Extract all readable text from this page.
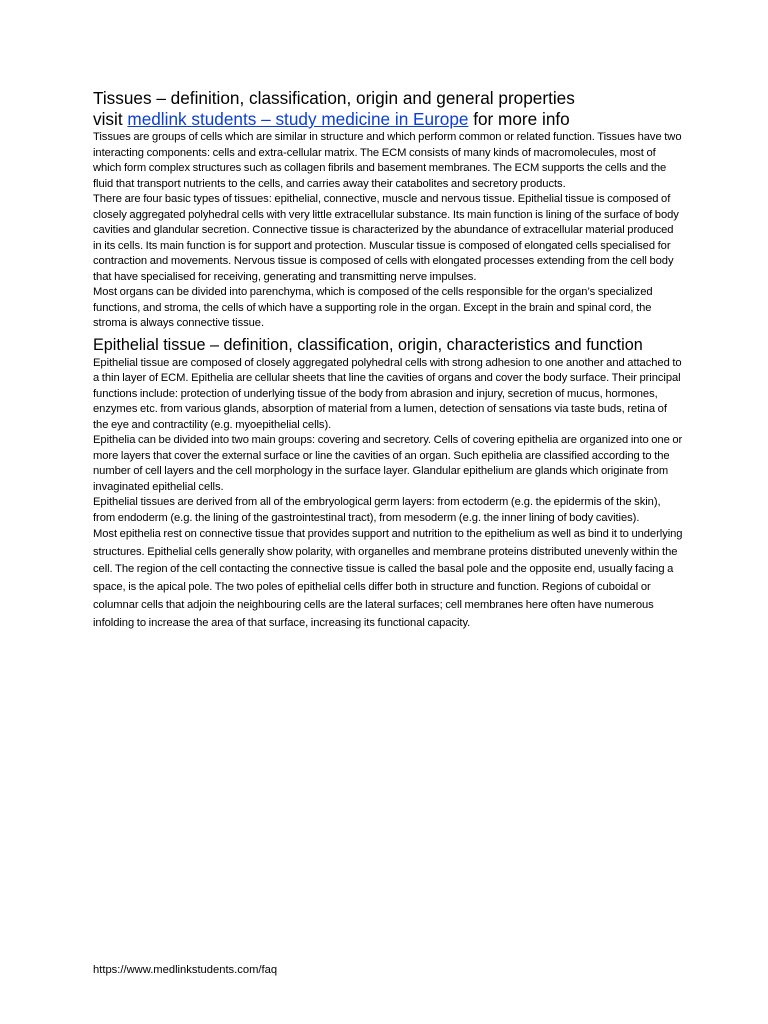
Tissues – definition, classification, origin and general properties

visit medlink students – study medicine in Europe for more info

Tissues are groups of cells which are similar in structure and which perform common or related function. Tissues have two interacting components: cells and extra-cellular matrix. The ECM consists of many kinds of macromolecules, most of which form complex structures such as collagen fibrils and basement membranes. The ECM supports the cells and the fluid that transport nutrients to the cells, and carries away their catabolites and secretory products.

There are four basic types of tissues: epithelial, connective, muscle and nervous tissue. Epithelial tissue is composed of closely aggregated polyhedral cells with very little extracellular substance. Its main function is lining of the surface of body cavities and glandular secretion. Connective tissue is characterized by the abundance of extracellular material produced in its cells. Its main function is for support and protection. Muscular tissue is composed of elongated cells specialised for contraction and movements. Nervous tissue is composed of cells with elongated processes extending from the cell body that have specialised for receiving, generating and transmitting nerve impulses.

Most organs can be divided into parenchyma, which is composed of the cells responsible for the organ’s specialized functions, and stroma, the cells of which have a supporting role in the organ. Except in the brain and spinal cord, the stroma is always connective tissue.

Epithelial tissue – definition, classification, origin, characteristics and function

Epithelial tissue are composed of closely aggregated polyhedral cells with strong adhesion to one another and attached to a thin layer of ECM. Epithelia are cellular sheets that line the cavities of organs and cover the body surface. Their principal functions include: protection of underlying tissue of the body from abrasion and injury, secretion of mucus, hormones, enzymes etc. from various glands, absorption of material from a lumen, detection of sensations via taste buds, retina of the eye and contractility (e.g. myoepithelial cells).

Epithelia can be divided into two main groups: covering and secretory. Cells of covering epithelia are organized into one or more layers that cover the external surface or line the cavities of an organ. Such epithelia are classified according to the number of cell layers and the cell morphology in the surface layer. Glandular epithelium are glands which originate from invaginated epithelial cells.

Epithelial tissues are derived from all of the embryological germ layers: from ectoderm (e.g. the epidermis of the skin), from endoderm (e.g. the lining of the gastrointestinal tract), from mesoderm (e.g. the inner lining of body cavities).

Most epithelia rest on connective tissue that provides support and nutrition to the epithelium as well as bind it to underlying structures. Epithelial cells generally show polarity, with organelles and membrane proteins distributed unevenly within the cell. The region of the cell contacting the connective tissue is called the basal pole and the opposite end, usually facing a space, is the apical pole. The two poles of epithelial cells differ both in structure and function. Regions of cuboidal or columnar cells that adjoin the neighbouring cells are the lateral surfaces; cell membranes here often have numerous infolding to increase the area of that surface, increasing its functional capacity.

https://www.medlinkstudents.com/faq
